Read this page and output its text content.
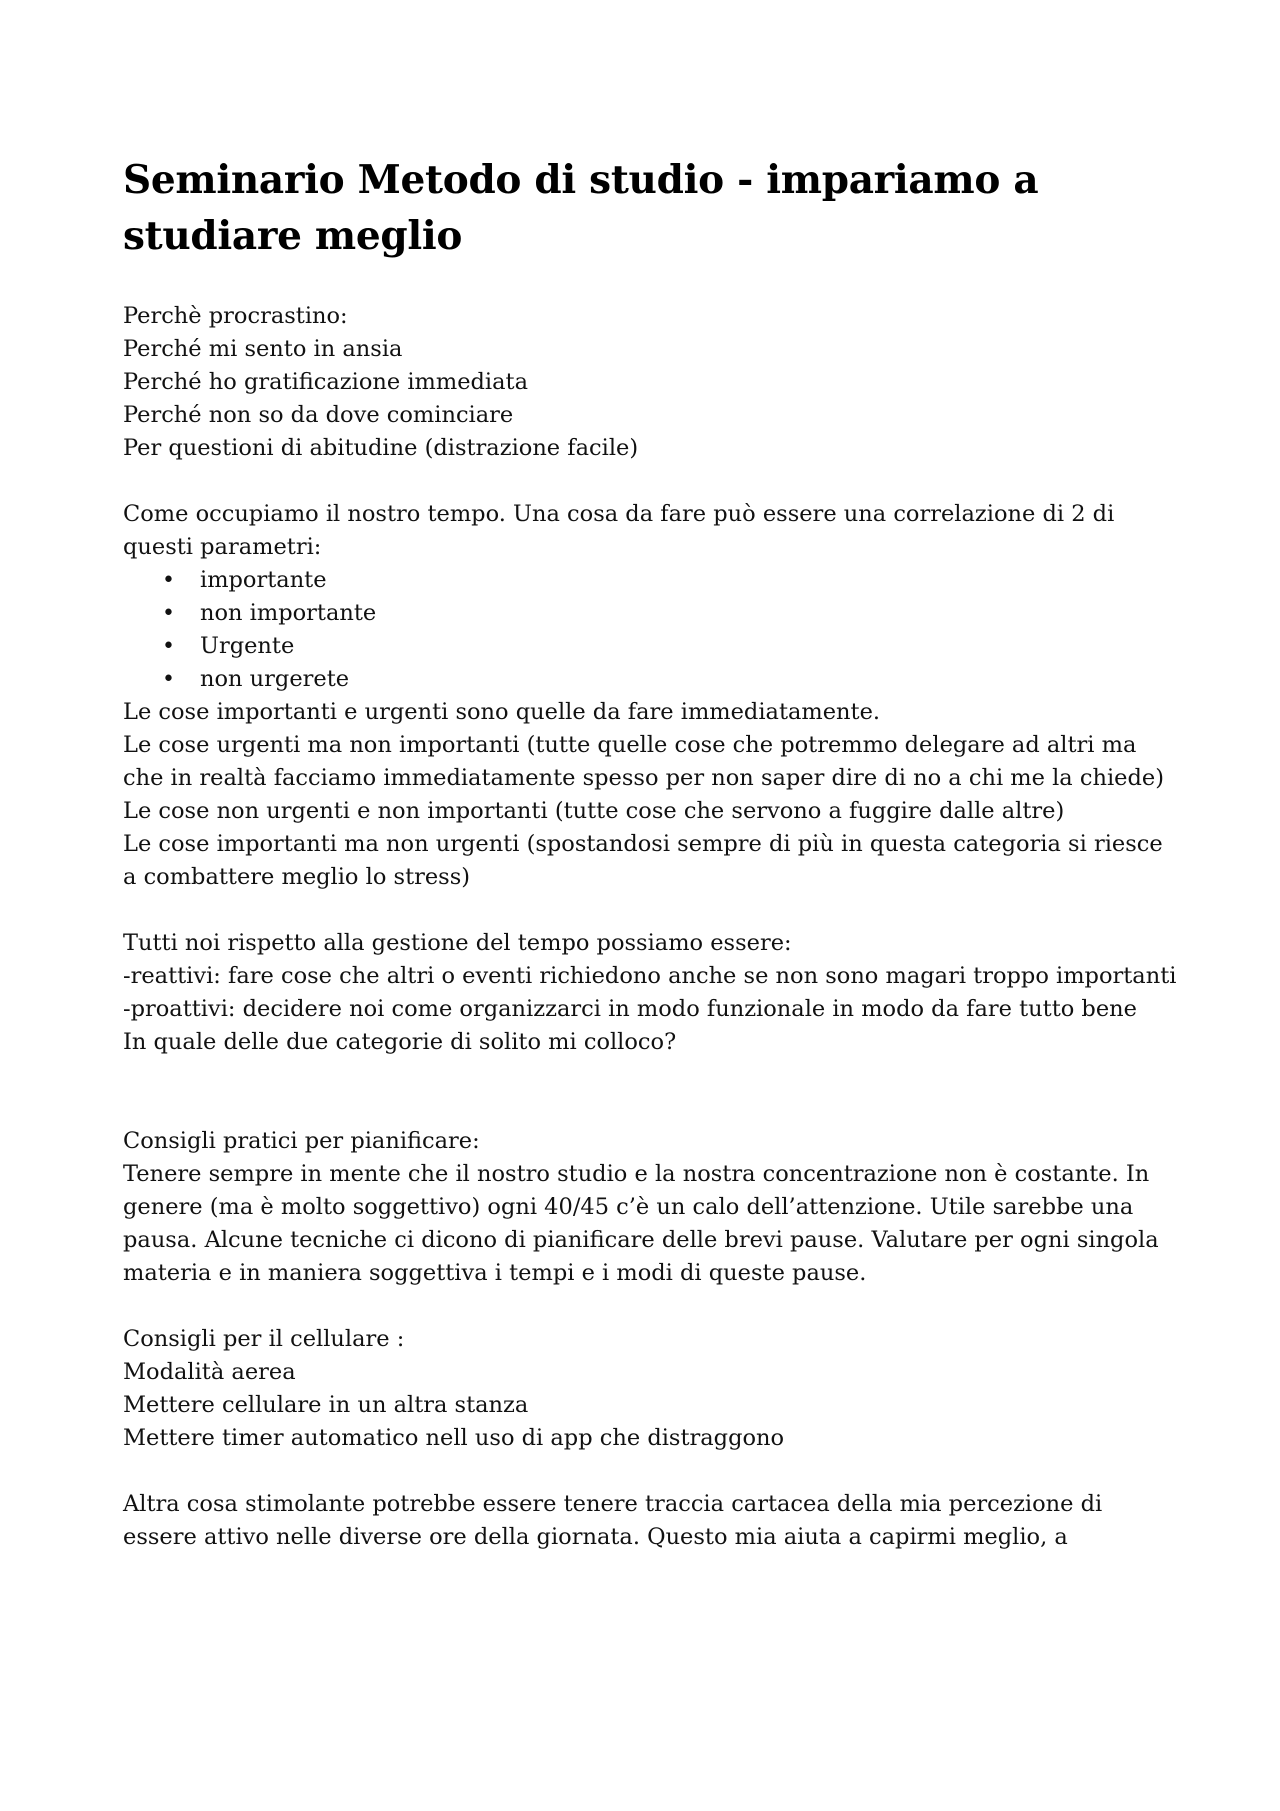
Seminario Metodo di studio - impariamo a studiare meglio

Perchè procrastino:

Perché mi sento in ansia

Perché ho gratificazione immediata

Perché non so da dove cominciare

Per questioni di abitudine (distrazione facile)

Come occupiamo il nostro tempo. Una cosa da fare può essere una correlazione di 2 di questi parametri:

• importante
• non importante
• Urgente
• non urgerete

Le cose importanti e urgenti sono quelle da fare immediatamente.

Le cose urgenti ma non importanti (tutte quelle cose che potremmo delegare ad altri ma che in realtà facciamo immediatamente spesso per non saper dire di no a chi me la chiede)

Le cose non urgenti e non importanti (tutte cose che servono a fuggire dalle altre)

Le cose importanti ma non urgenti (spostandosi sempre di più in questa categoria si riesce a combattere meglio lo stress)

Tutti noi rispetto alla gestione del tempo possiamo essere:

-reattivi: fare cose che altri o eventi richiedono anche se non sono magari troppo importanti

-proattivi: decidere noi come organizzarci in modo funzionale in modo da fare tutto bene

In quale delle due categorie di solito mi colloco?

Consigli pratici per pianificare:

Tenere sempre in mente che il nostro studio e la nostra concentrazione non è costante. In genere (ma è molto soggettivo) ogni 40/45 c’è un calo dell’attenzione. Utile sarebbe una pausa. Alcune tecniche ci dicono di pianificare delle brevi pause. Valutare per ogni singola materia e in maniera soggettiva i tempi e i modi di queste pause.

Consigli per il cellulare :

Modalità aerea

Mettere cellulare in un altra stanza

Mettere timer automatico nell uso di app che distraggono

Altra cosa stimolante potrebbe essere tenere traccia cartacea della mia percezione di essere attivo nelle diverse ore della giornata. Questo mia aiuta a capirmi meglio, a
